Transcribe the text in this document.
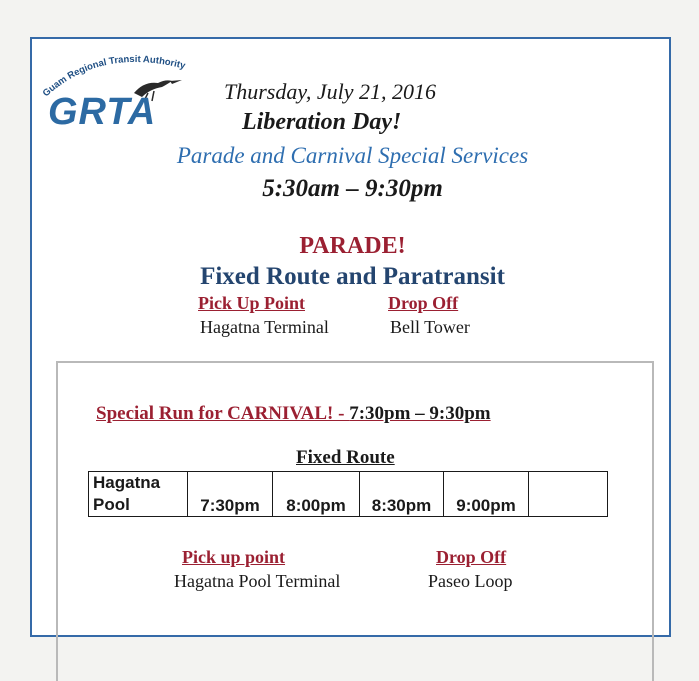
Guam Regional Transit Authority
GRTA	Thursday, July 21, 2016
Liberation Day!
Parade and Carnival Special Services
5:30am – 9:30pm
PARADE!
Fixed Route and Paratransit
Pick Up Point	Drop Off
Hagatna Terminal	Bell Tower
Special Run for CARNIVAL! - 7:30pm – 9:30pm
Fixed Route
Hagatna
Pool	7:30pm	8:00pm	8:30pm	9:00pm	
Pick up point	Drop Off
Hagatna Pool Terminal	Paseo Loop
